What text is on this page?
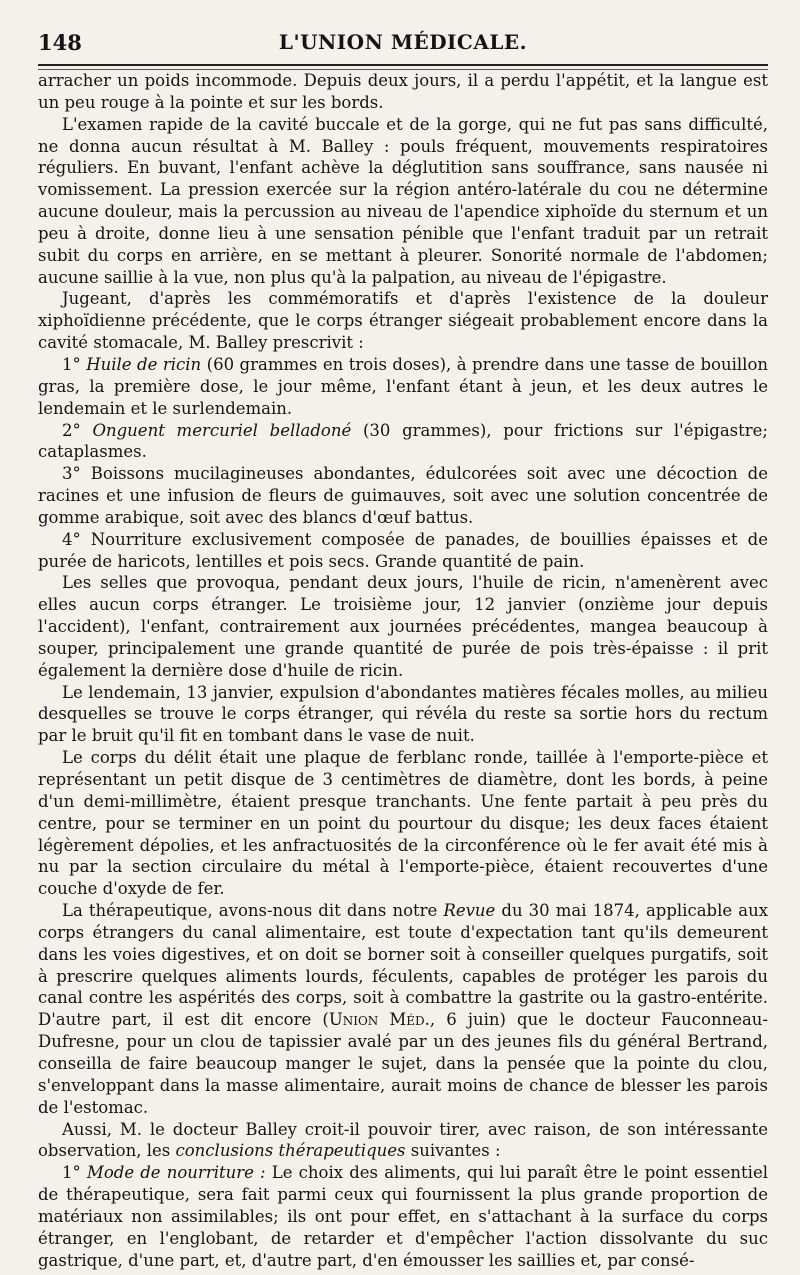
148	L'UNION MÉDICALE.

arracher un poids incommode. Depuis deux jours, il a perdu l'appétit, et la langue est un peu rouge à la pointe et sur les bords.

L'examen rapide de la cavité buccale et de la gorge, qui ne fut pas sans difficulté, ne donna aucun résultat à M. Balley : pouls fréquent, mouvements respiratoires réguliers. En buvant, l'enfant achève la déglutition sans souffrance, sans nausée ni vomissement. La pression exercée sur la région antéro-latérale du cou ne détermine aucune douleur, mais la percussion au niveau de l'apendice xiphoïde du sternum et un peu à droite, donne lieu à une sensation pénible que l'enfant traduit par un retrait subit du corps en arrière, en se mettant à pleurer. Sonorité normale de l'abdomen; aucune saillie à la vue, non plus qu'à la palpation, au niveau de l'épigastre.

Jugeant, d'après les commémoratifs et d'après l'existence de la douleur xiphoïdienne précédente, que le corps étranger siégeait probablement encore dans la cavité stomacale, M. Balley prescrivit :

1° Huile de ricin (60 grammes en trois doses), à prendre dans une tasse de bouillon gras, la première dose, le jour même, l'enfant étant à jeun, et les deux autres le lendemain et le surlendemain.

2° Onguent mercuriel belladoné (30 grammes), pour frictions sur l'épigastre; cataplasmes.

3° Boissons mucilagineuses abondantes, édulcorées soit avec une décoction de racines et une infusion de fleurs de guimauves, soit avec une solution concentrée de gomme arabique, soit avec des blancs d'œuf battus.

4° Nourriture exclusivement composée de panades, de bouillies épaisses et de purée de haricots, lentilles et pois secs. Grande quantité de pain.

Les selles que provoqua, pendant deux jours, l'huile de ricin, n'amenèrent avec elles aucun corps étranger. Le troisième jour, 12 janvier (onzième jour depuis l'accident), l'enfant, contrairement aux journées précédentes, mangea beaucoup à souper, principalement une grande quantité de purée de pois très-épaisse : il prit également la dernière dose d'huile de ricin.

Le lendemain, 13 janvier, expulsion d'abondantes matières fécales molles, au milieu desquelles se trouve le corps étranger, qui révéla du reste sa sortie hors du rectum par le bruit qu'il fit en tombant dans le vase de nuit.

Le corps du délit était une plaque de ferblanc ronde, taillée à l'emporte-pièce et représentant un petit disque de 3 centimètres de diamètre, dont les bords, à peine d'un demi-millimètre, étaient presque tranchants. Une fente partait à peu près du centre, pour se terminer en un point du pourtour du disque; les deux faces étaient légèrement dépolies, et les anfractuosités de la circonférence où le fer avait été mis à nu par la section circulaire du métal à l'emporte-pièce, étaient recouvertes d'une couche d'oxyde de fer.

La thérapeutique, avons-nous dit dans notre Revue du 30 mai 1874, applicable aux corps étrangers du canal alimentaire, est toute d'expectation tant qu'ils demeurent dans les voies digestives, et on doit se borner soit à conseiller quelques purgatifs, soit à prescrire quelques aliments lourds, féculents, capables de protéger les parois du canal contre les aspérités des corps, soit à combattre la gastrite ou la gastro-entérite. D'autre part, il est dit encore (Union Méd., 6 juin) que le docteur Fauconneau-Dufresne, pour un clou de tapissier avalé par un des jeunes fils du général Bertrand, conseilla de faire beaucoup manger le sujet, dans la pensée que la pointe du clou, s'enveloppant dans la masse alimentaire, aurait moins de chance de blesser les parois de l'estomac.

Aussi, M. le docteur Balley croit-il pouvoir tirer, avec raison, de son intéressante observation, les conclusions thérapeutiques suivantes :

1° Mode de nourriture : Le choix des aliments, qui lui paraît être le point essentiel de thérapeutique, sera fait parmi ceux qui fournissent la plus grande proportion de matériaux non assimilables; ils ont pour effet, en s'attachant à la surface du corps étranger, en l'englobant, de retarder et d'empêcher l'action dissolvante du suc gastrique, d'une part, et, d'autre part, d'en émousser les saillies et, par consé-
